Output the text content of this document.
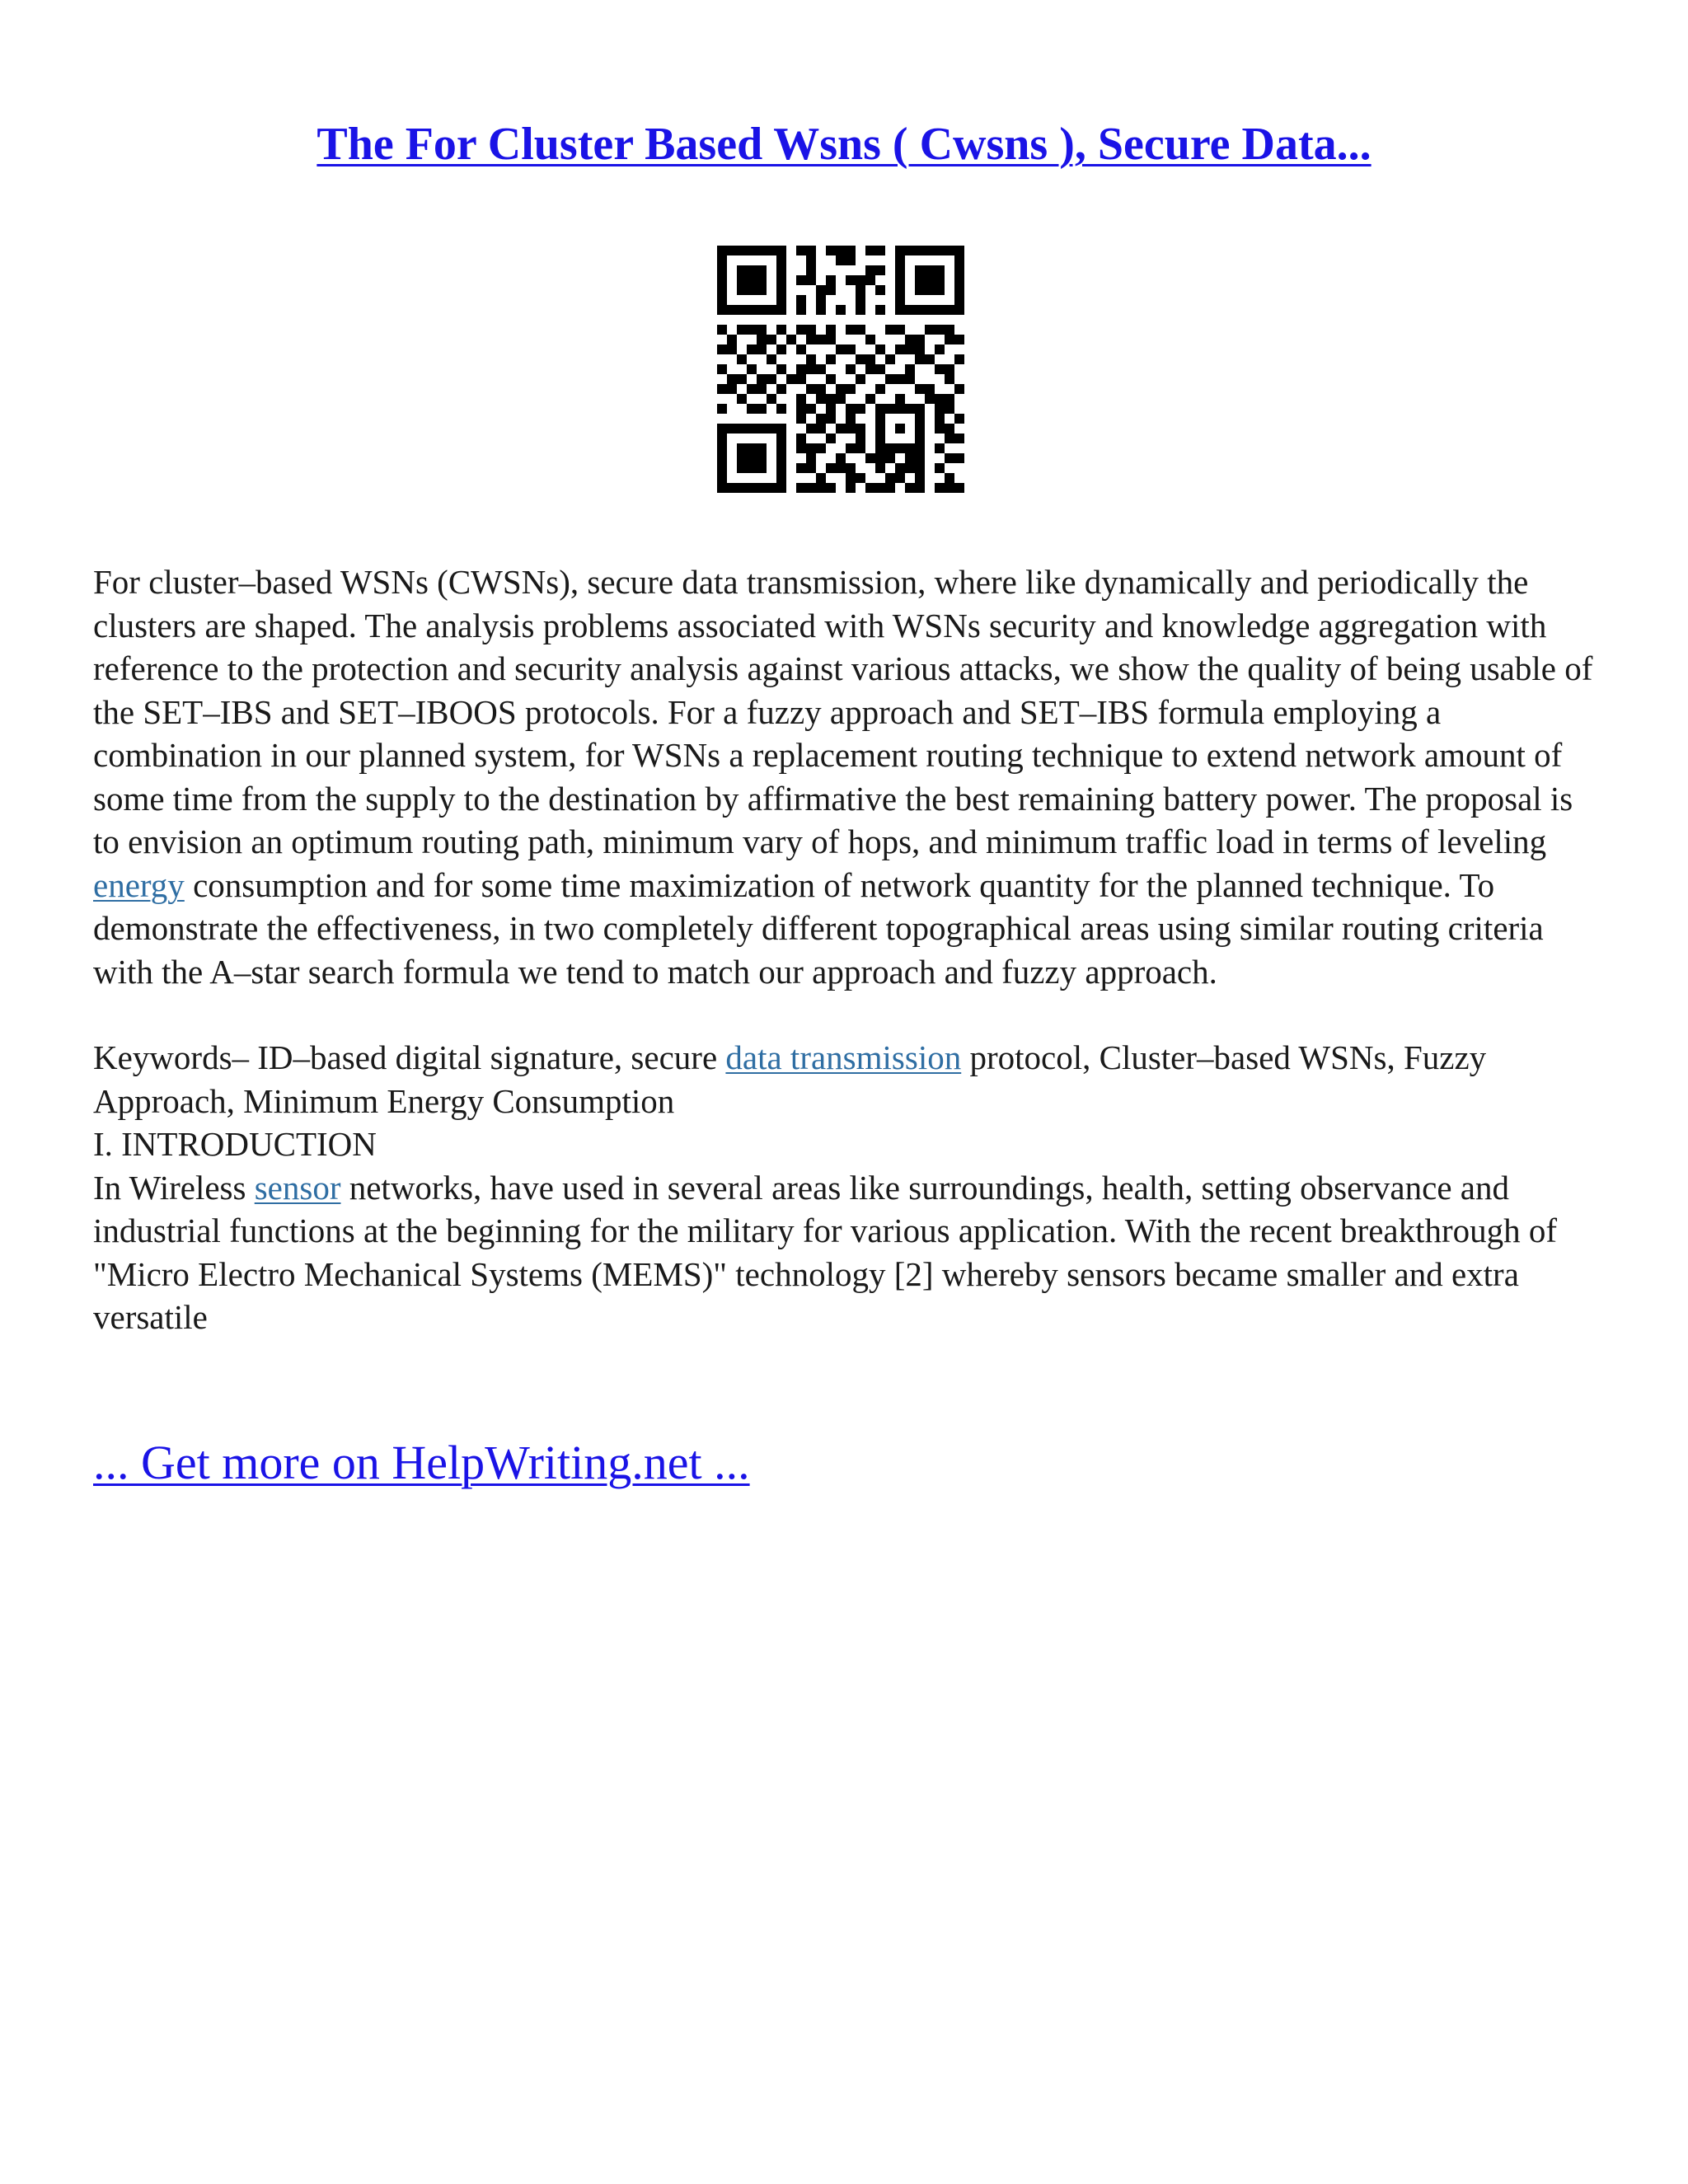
The For Cluster Based Wsns ( Cwsns ), Secure Data...

For cluster–based WSNs (CWSNs), secure data transmission, where like dynamically and periodically the clusters are shaped. The analysis problems associated with WSNs security and knowledge aggregation with reference to the protection and security analysis against various attacks, we show the quality of being usable of the SET–IBS and SET–IBOOS protocols. For a fuzzy approach and SET–IBS formula employing a combination in our planned system, for WSNs a replacement routing technique to extend network amount of some time from the supply to the destination by affirmative the best remaining battery power. The proposal is to envision an optimum routing path, minimum vary of hops, and minimum traffic load in terms of leveling energy consumption and for some time maximization of network quantity for the planned technique. To demonstrate the effectiveness, in two completely different topographical areas using similar routing criteria with the A–star search formula we tend to match our approach and fuzzy approach.

Keywords– ID–based digital signature, secure data transmission protocol, Cluster–based WSNs, Fuzzy Approach, Minimum Energy Consumption

I. INTRODUCTION

In Wireless sensor networks, have used in several areas like surroundings, health, setting observance and industrial functions at the beginning for the military for various application. With the recent breakthrough of "Micro Electro Mechanical Systems (MEMS)" technology [2] whereby sensors became smaller and extra versatile

... Get more on HelpWriting.net ...
